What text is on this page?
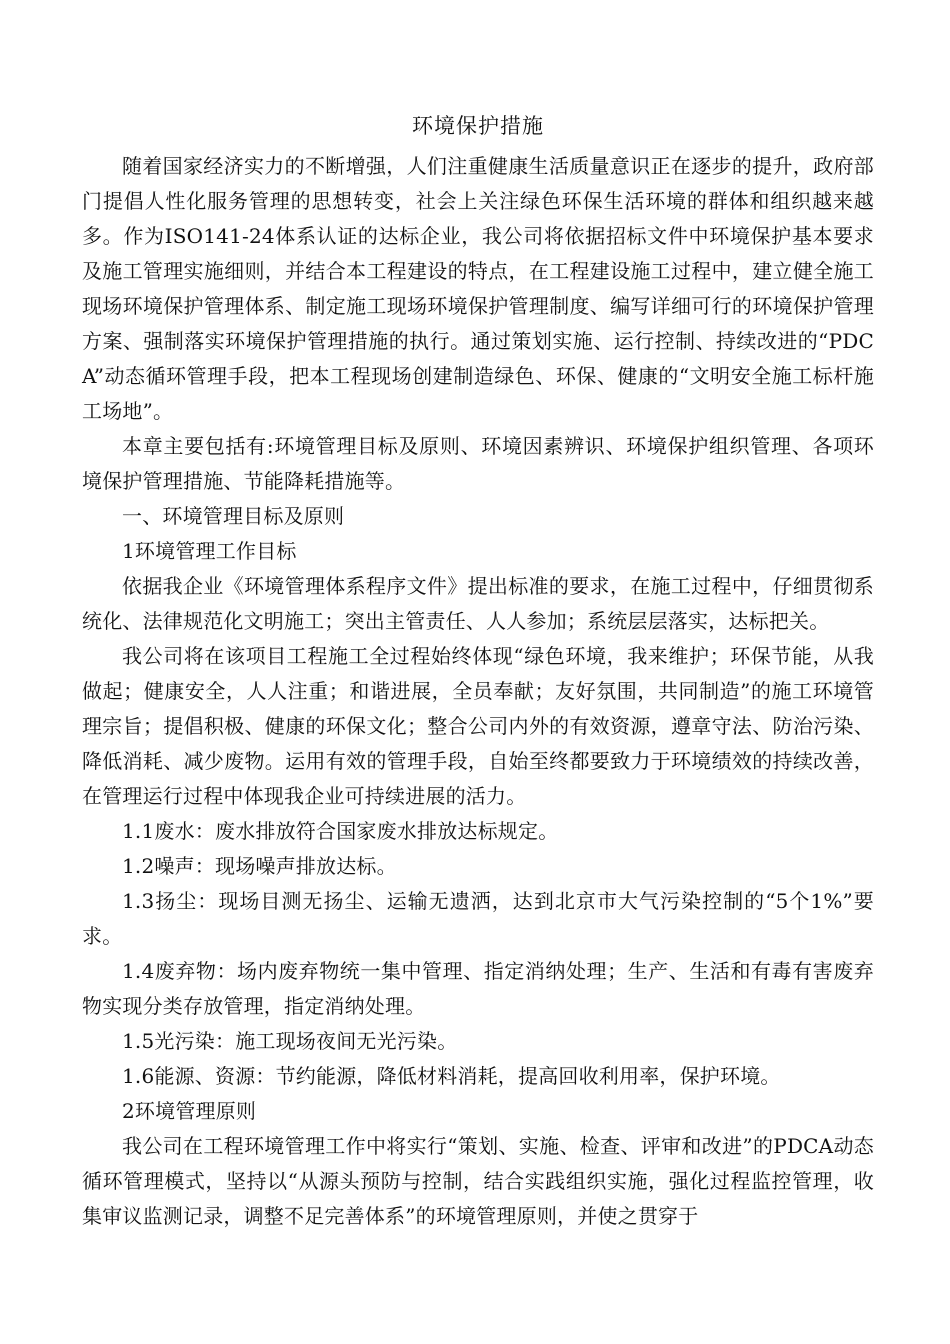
环境保护措施

随着国家经济实力的不断增强，人们注重健康生活质量意识正在逐步的提升，政府部门提倡人性化服务管理的思想转变，社会上关注绿色环保生活环境的群体和组织越来越多。作为ISO141-24体系认证的达标企业，我公司将依据招标文件中环境保护基本要求及施工管理实施细则，并结合本工程建设的特点，在工程建设施工过程中，建立健全施工现场环境保护管理体系、制定施工现场环境保护管理制度、编写详细可行的环境保护管理方案、强制落实环境保护管理措施的执行。通过策划实施、运行控制、持续改进的“PDCA”动态循环管理手段，把本工程现场创建制造绿色、环保、健康的“文明安全施工标杆施工场地”。

本章主要包括有:环境管理目标及原则、环境因素辨识、环境保护组织管理、各项环境保护管理措施、节能降耗措施等。

一、环境管理目标及原则

1环境管理工作目标

依据我企业《环境管理体系程序文件》提出标准的要求，在施工过程中，仔细贯彻系统化、法律规范化文明施工；突出主管责任、人人参加；系统层层落实，达标把关。

我公司将在该项目工程施工全过程始终体现“绿色环境，我来维护；环保节能，从我做起；健康安全，人人注重；和谐进展，全员奉献；友好氛围，共同制造”的施工环境管理宗旨；提倡积极、健康的环保文化；整合公司内外的有效资源，遵章守法、防治污染、降低消耗、减少废物。运用有效的管理手段，自始至终都要致力于环境绩效的持续改善，在管理运行过程中体现我企业可持续进展的活力。

1.1废水：废水排放符合国家废水排放达标规定。

1.2噪声：现场噪声排放达标。

1.3扬尘：现场目测无扬尘、运输无遗洒，达到北京市大气污染控制的“5个1%”要求。

1.4废弃物：场内废弃物统一集中管理、指定消纳处理；生产、生活和有毒有害废弃物实现分类存放管理，指定消纳处理。

1.5光污染：施工现场夜间无光污染。

1.6能源、资源：节约能源，降低材料消耗，提高回收利用率，保护环境。

2环境管理原则

我公司在工程环境管理工作中将实行“策划、实施、检查、评审和改进”的PDCA动态循环管理模式，坚持以“从源头预防与控制，结合实践组织实施，强化过程监控管理，收集审议监测记录，调整不足完善体系”的环境管理原则，并使之贯穿于
